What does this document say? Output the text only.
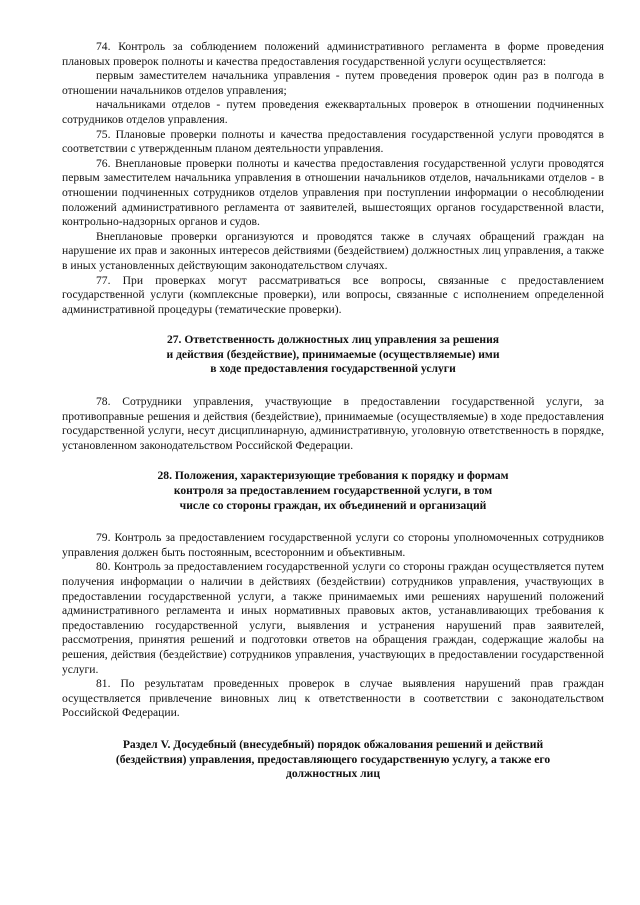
74. Контроль за соблюдением положений административного регламента в форме проведения плановых проверок полноты и качества предоставления государственной услуги осуществляется:

первым заместителем начальника управления - путем проведения проверок один раз в полгода в отношении начальников отделов управления;

начальниками отделов - путем проведения ежеквартальных проверок в отношении подчиненных сотрудников отделов управления.

75. Плановые проверки полноты и качества предоставления государственной услуги проводятся в соответствии с утвержденным планом деятельности управления.

76. Внеплановые проверки полноты и качества предоставления государственной услуги проводятся первым заместителем начальника управления в отношении начальников отделов, начальниками отделов - в отношении подчиненных сотрудников отделов управления при поступлении информации о несоблюдении положений административного регламента от заявителей, вышестоящих органов государственной власти, контрольно-надзорных органов и судов.

Внеплановые проверки организуются и проводятся также в случаях обращений граждан на нарушение их прав и законных интересов действиями (бездействием) должностных лиц управления, а также в иных установленных действующим законодательством случаях.

77. При проверках могут рассматриваться все вопросы, связанные с предоставлением государственной услуги (комплексные проверки), или вопросы, связанные с исполнением определенной административной процедуры (тематические проверки).

27. Ответственность должностных лиц управления за решения
и действия (бездействие), принимаемые (осуществляемые) ими
в ходе предоставления государственной услуги

78. Сотрудники управления, участвующие в предоставлении государственной услуги, за противоправные решения и действия (бездействие), принимаемые (осуществляемые) в ходе предоставления государственной услуги, несут дисциплинарную, административную, уголовную ответственность в порядке, установленном законодательством Российской Федерации.

28. Положения, характеризующие требования к порядку и формам
контроля за предоставлением государственной услуги, в том
числе со стороны граждан, их объединений и организаций

79. Контроль за предоставлением государственной услуги со стороны уполномоченных сотрудников управления должен быть постоянным, всесторонним и объективным.

80. Контроль за предоставлением государственной услуги со стороны граждан осуществляется путем получения информации о наличии в действиях (бездействии) сотрудников управления, участвующих в предоставлении государственной услуги, а также принимаемых ими решениях нарушений положений административного регламента и иных нормативных правовых актов, устанавливающих требования к предоставлению государственной услуги, выявления и устранения нарушений прав заявителей, рассмотрения, принятия решений и подготовки ответов на обращения граждан, содержащие жалобы на решения, действия (бездействие) сотрудников управления, участвующих в предоставлении государственной услуги.

81. По результатам проведенных проверок в случае выявления нарушений прав граждан осуществляется привлечение виновных лиц к ответственности в соответствии с законодательством Российской Федерации.

Раздел V. Досудебный (внесудебный) порядок обжалования решений и действий
(бездействия) управления, предоставляющего государственную услугу, а также его
должностных лиц
